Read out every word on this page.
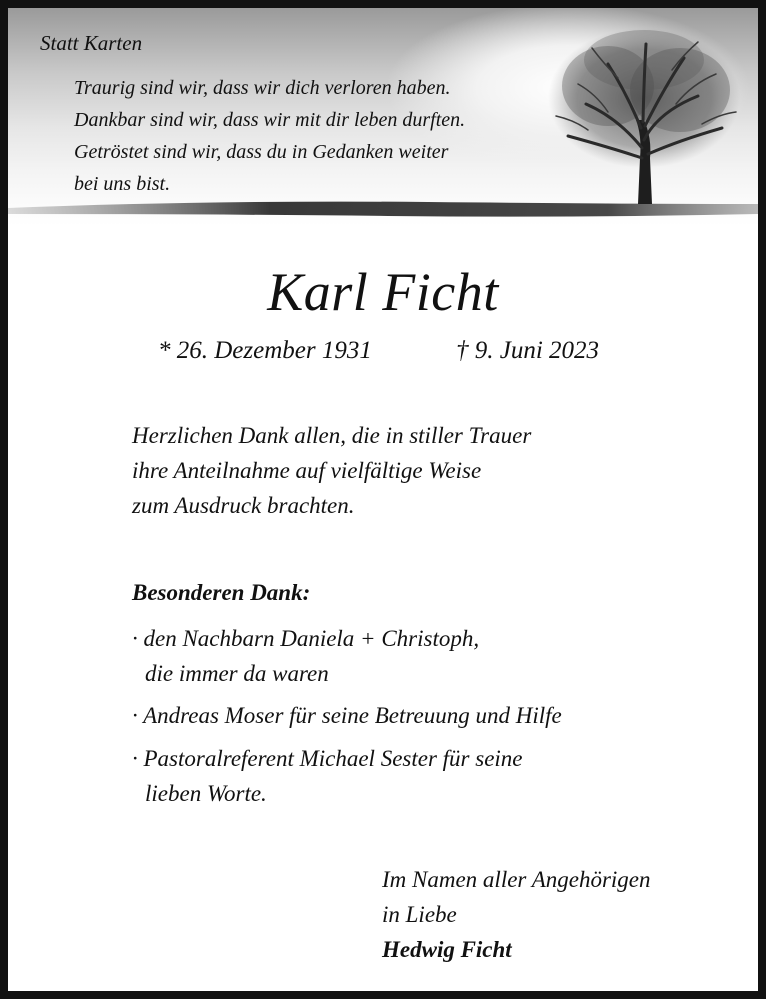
Statt Karten
Traurig sind wir, dass wir dich verloren haben.
Dankbar sind wir, dass wir mit dir leben durften.
Getröstet sind wir, dass du in Gedanken weiter
bei uns bist.
Karl Ficht
* 26. Dezember 1931	† 9. Juni 2023
Herzlichen Dank allen, die in stiller Trauer
ihre Anteilnahme auf vielfältige Weise
zum Ausdruck brachten.
Besonderen Dank:
· den Nachbarn Daniela + Christoph,
die immer da waren
· Andreas Moser für seine Betreuung und Hilfe
· Pastoralreferent Michael Sester für seine
lieben Worte.
Im Namen aller Angehörigen
in Liebe
Hedwig Ficht
